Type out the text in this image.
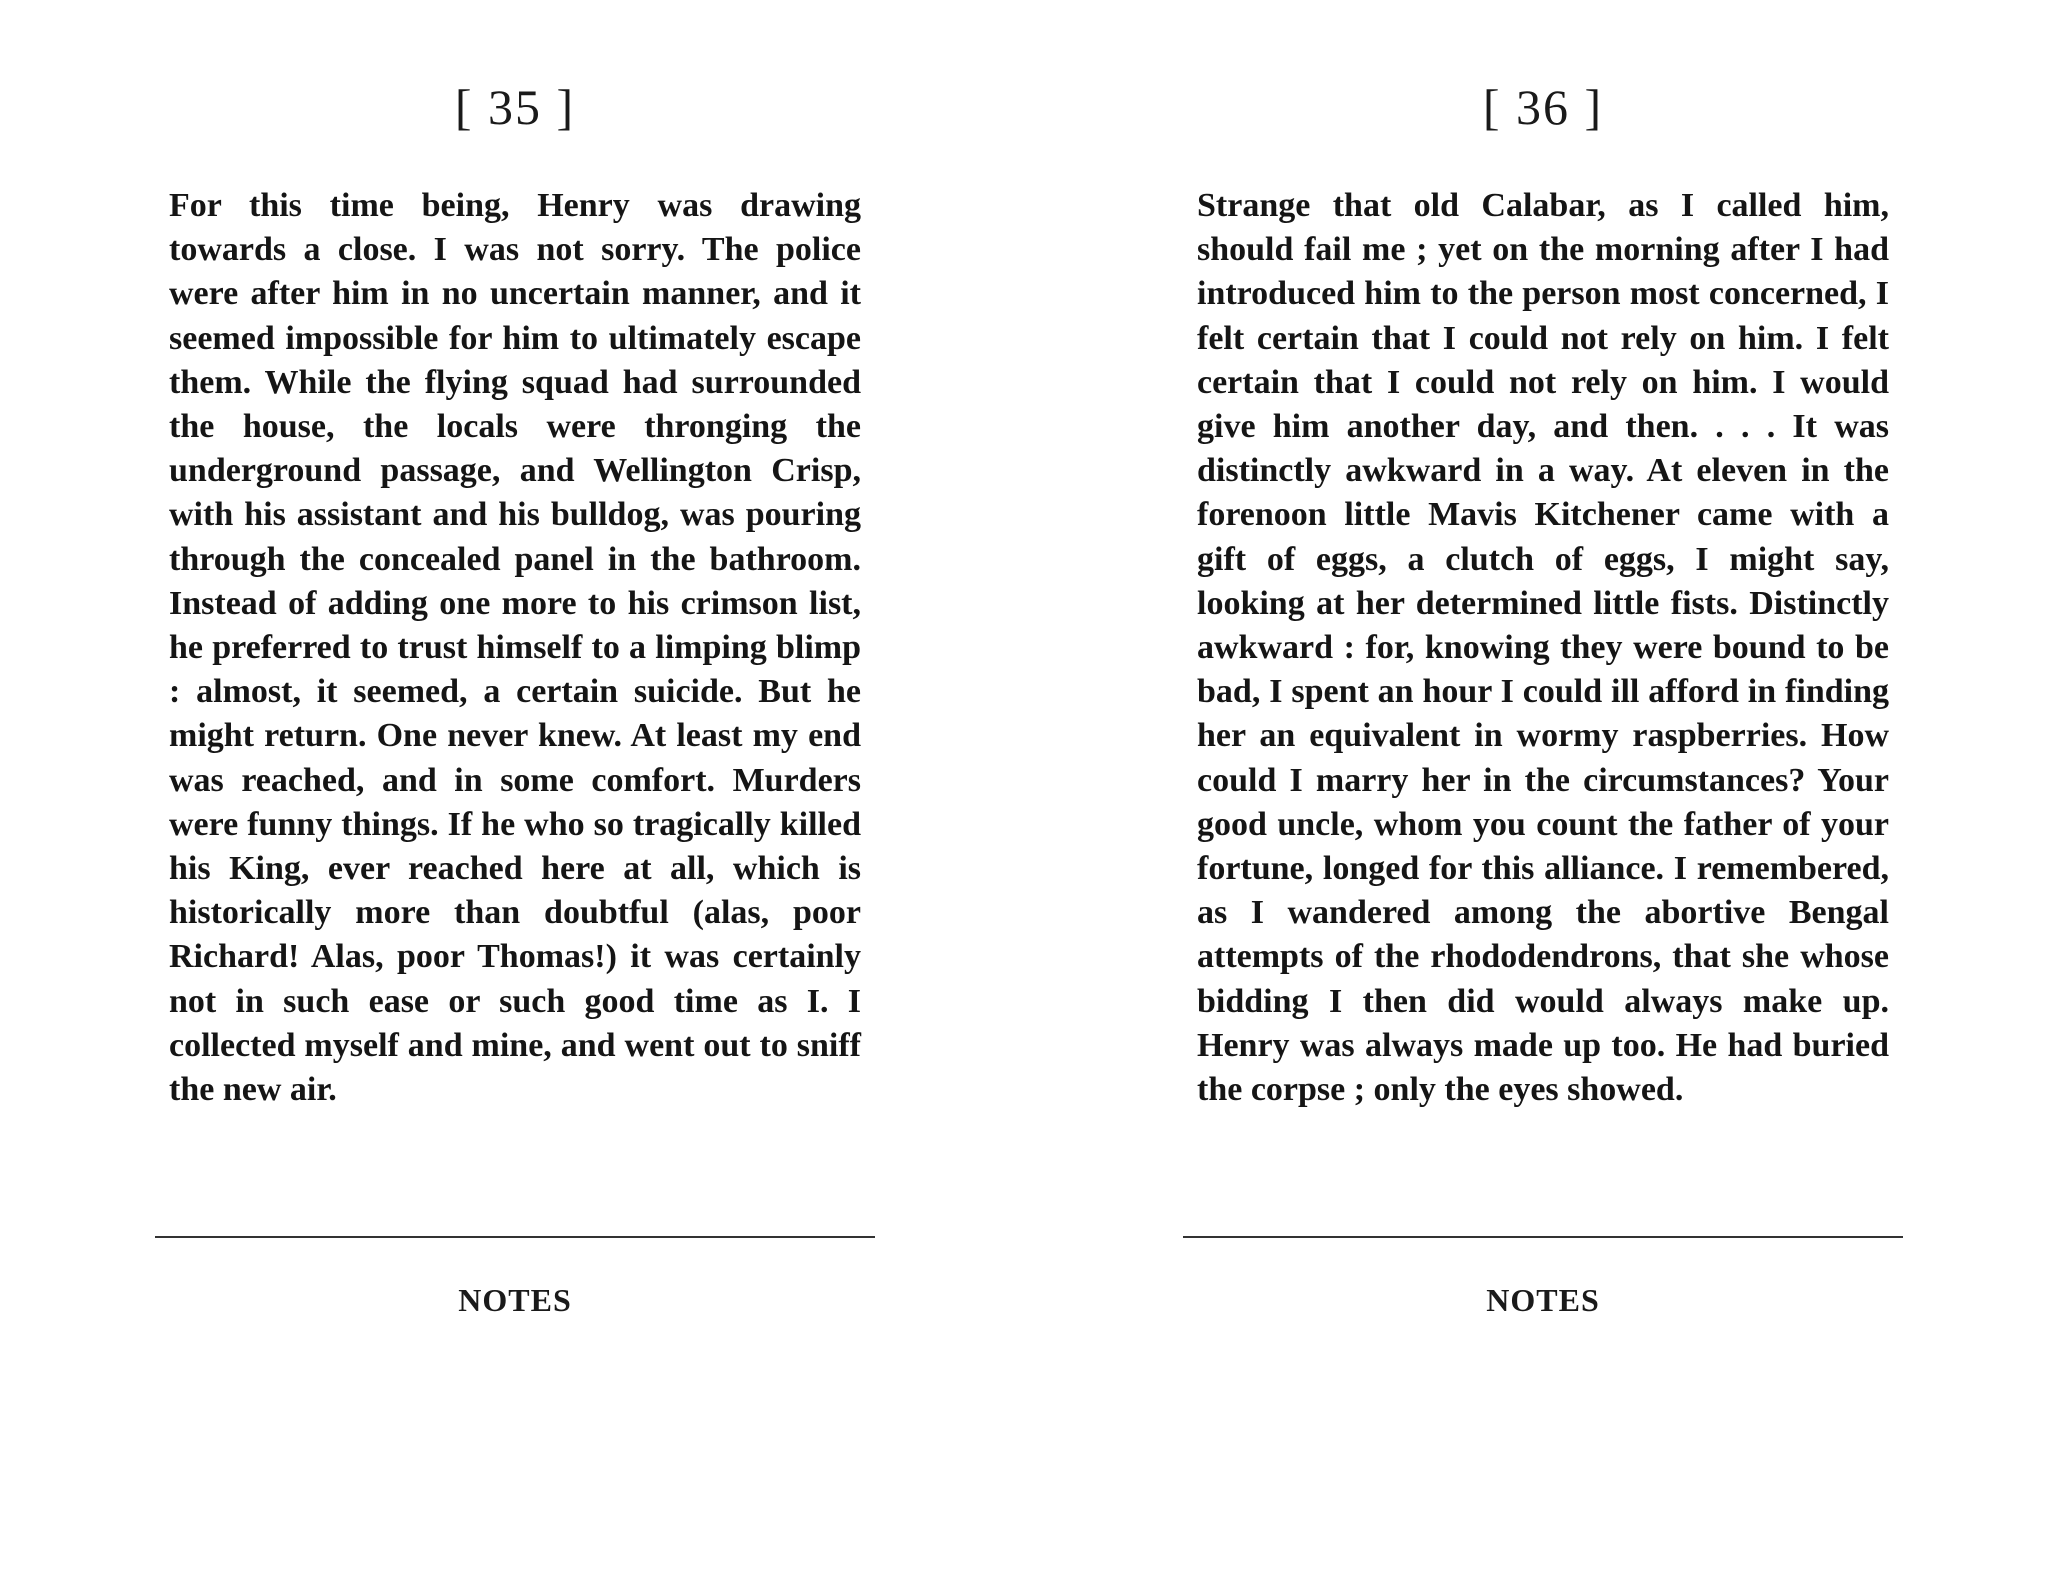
[ 35 ]

For this time being, Henry was drawing towards a close. I was not sorry. The police were after him in no uncertain manner, and it seemed impossible for him to ultimately escape them. While the flying squad had surrounded the house, the locals were thronging the underground passage, and Wellington Crisp, with his assistant and his bulldog, was pouring through the concealed panel in the bathroom. Instead of adding one more to his crimson list, he preferred to trust himself to a limping blimp : almost, it seemed, a certain suicide. But he might return. One never knew. At least my end was reached, and in some comfort. Murders were funny things. If he who so tragically killed his King, ever reached here at all, which is historically more than doubtful (alas, poor Richard! Alas, poor Thomas!) it was certainly not in such ease or such good time as I. I collected myself and mine, and went out to sniff the new air.

NOTES
[ 36 ]

Strange that old Calabar, as I called him, should fail me ; yet on the morning after I had introduced him to the person most concerned, I felt certain that I could not rely on him. I felt certain that I could not rely on him. I would give him another day, and then. . . . It was distinctly awkward in a way. At eleven in the forenoon little Mavis Kitchener came with a gift of eggs, a clutch of eggs, I might say, looking at her determined little fists. Distinctly awkward : for, knowing they were bound to be bad, I spent an hour I could ill afford in finding her an equivalent in wormy raspberries. How could I marry her in the circumstances? Your good uncle, whom you count the father of your fortune, longed for this alliance. I remembered, as I wandered among the abortive Bengal attempts of the rhododendrons, that she whose bidding I then did would always make up. Henry was always made up too. He had buried the corpse ; only the eyes showed.

NOTES
